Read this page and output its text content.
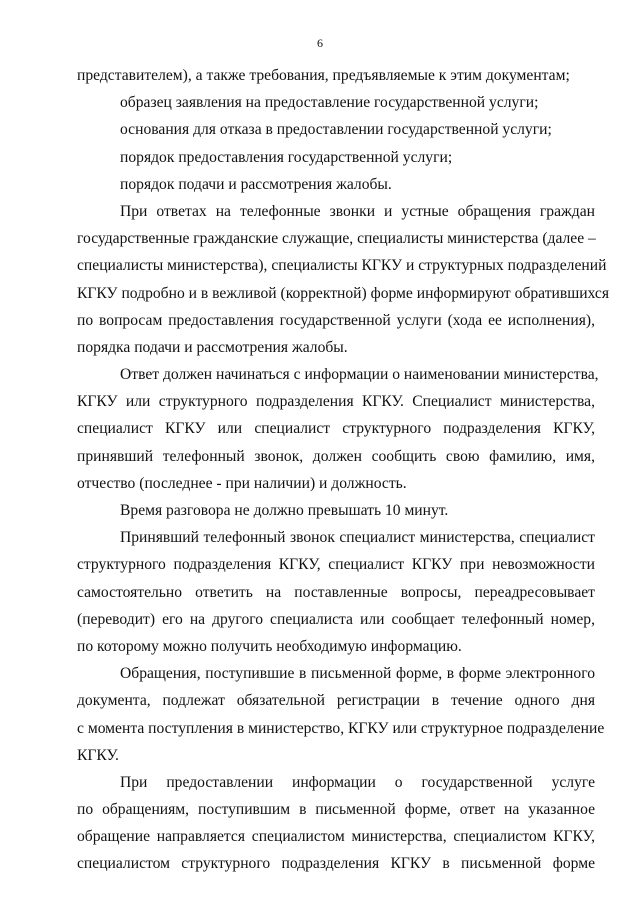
6
представителем), а также требования, предъявляемые к этим документам;
образец заявления на предоставление государственной услуги;
основания для отказа в предоставлении государственной услуги;
порядок предоставления государственной услуги;
порядок подачи и рассмотрения жалобы.
При ответах на телефонные звонки и устные обращения граждан
государственные гражданские служащие, специалисты министерства (далее –
специалисты министерства), специалисты КГКУ и структурных подразделений
КГКУ подробно и в вежливой (корректной) форме информируют обратившихся
по вопросам предоставления государственной услуги (хода ее исполнения),
порядка подачи и рассмотрения жалобы.
Ответ должен начинаться с информации о наименовании министерства,
КГКУ или структурного подразделения КГКУ. Специалист министерства,
специалист КГКУ или специалист структурного подразделения КГКУ,
принявший телефонный звонок, должен сообщить свою фамилию, имя,
отчество (последнее - при наличии) и должность.
Время разговора не должно превышать 10 минут.
Принявший телефонный звонок специалист министерства, специалист
структурного подразделения КГКУ, специалист КГКУ при невозможности
самостоятельно ответить на поставленные вопросы, переадресовывает
(переводит) его на другого специалиста или сообщает телефонный номер,
по которому можно получить необходимую информацию.
Обращения, поступившие в письменной форме, в форме электронного
документа, подлежат обязательной регистрации в течение одного дня
с момента поступления в министерство, КГКУ или структурное подразделение
КГКУ.
При предоставлении информации о государственной услуге
по обращениям, поступившим в письменной форме, ответ на указанное
обращение направляется специалистом министерства, специалистом КГКУ,
специалистом структурного подразделения КГКУ в письменной форме
